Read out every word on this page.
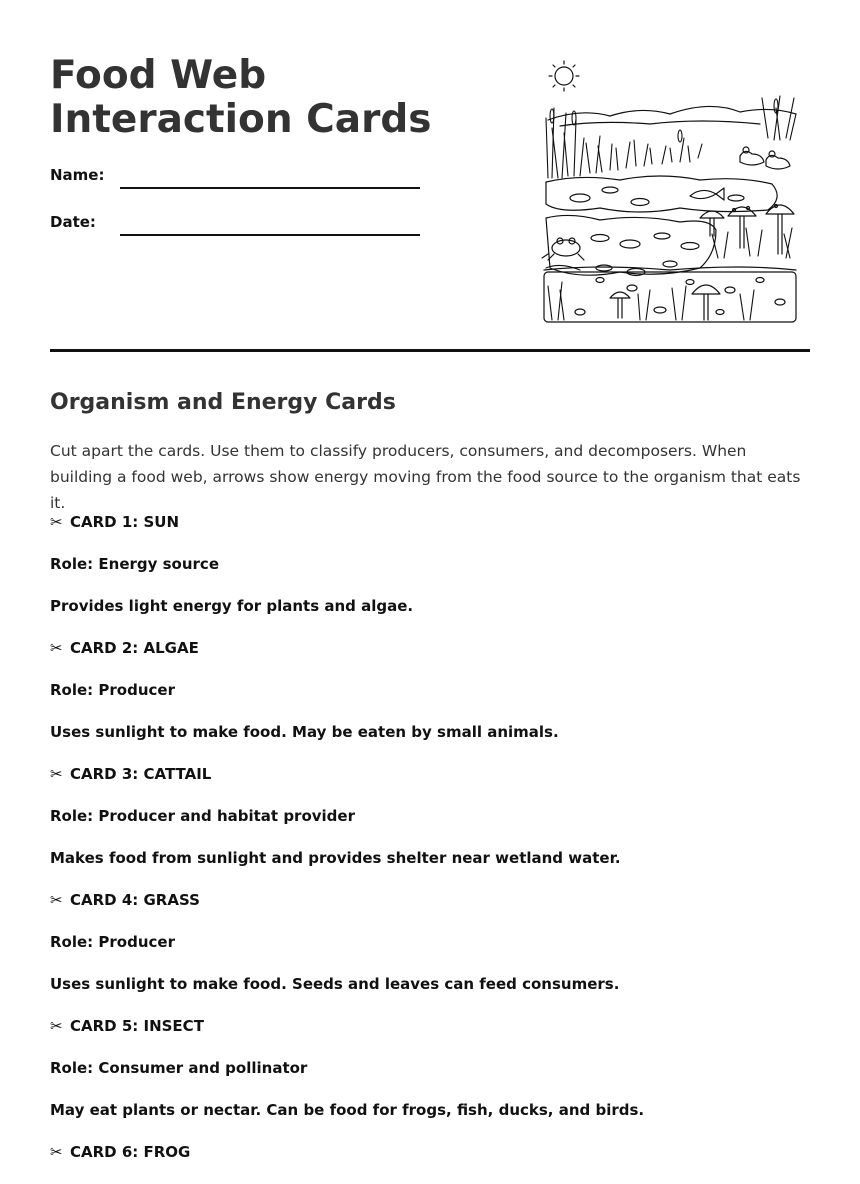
Food Web Interaction Cards
Name:
Date:
Organism and Energy Cards

Cut apart the cards. Use them to classify producers, consumers, and decomposers. When building a food web, arrows show energy moving from the food source to the organism that eats it.

✂ CARD 1: SUN

Role: Energy source

Provides light energy for plants and algae.

✂ CARD 2: ALGAE

Role: Producer

Uses sunlight to make food. May be eaten by small animals.

✂ CARD 3: CATTAIL

Role: Producer and habitat provider

Makes food from sunlight and provides shelter near wetland water.

✂ CARD 4: GRASS

Role: Producer

Uses sunlight to make food. Seeds and leaves can feed consumers.

✂ CARD 5: INSECT

Role: Consumer and pollinator

May eat plants or nectar. Can be food for frogs, fish, ducks, and birds.

✂ CARD 6: FROG
